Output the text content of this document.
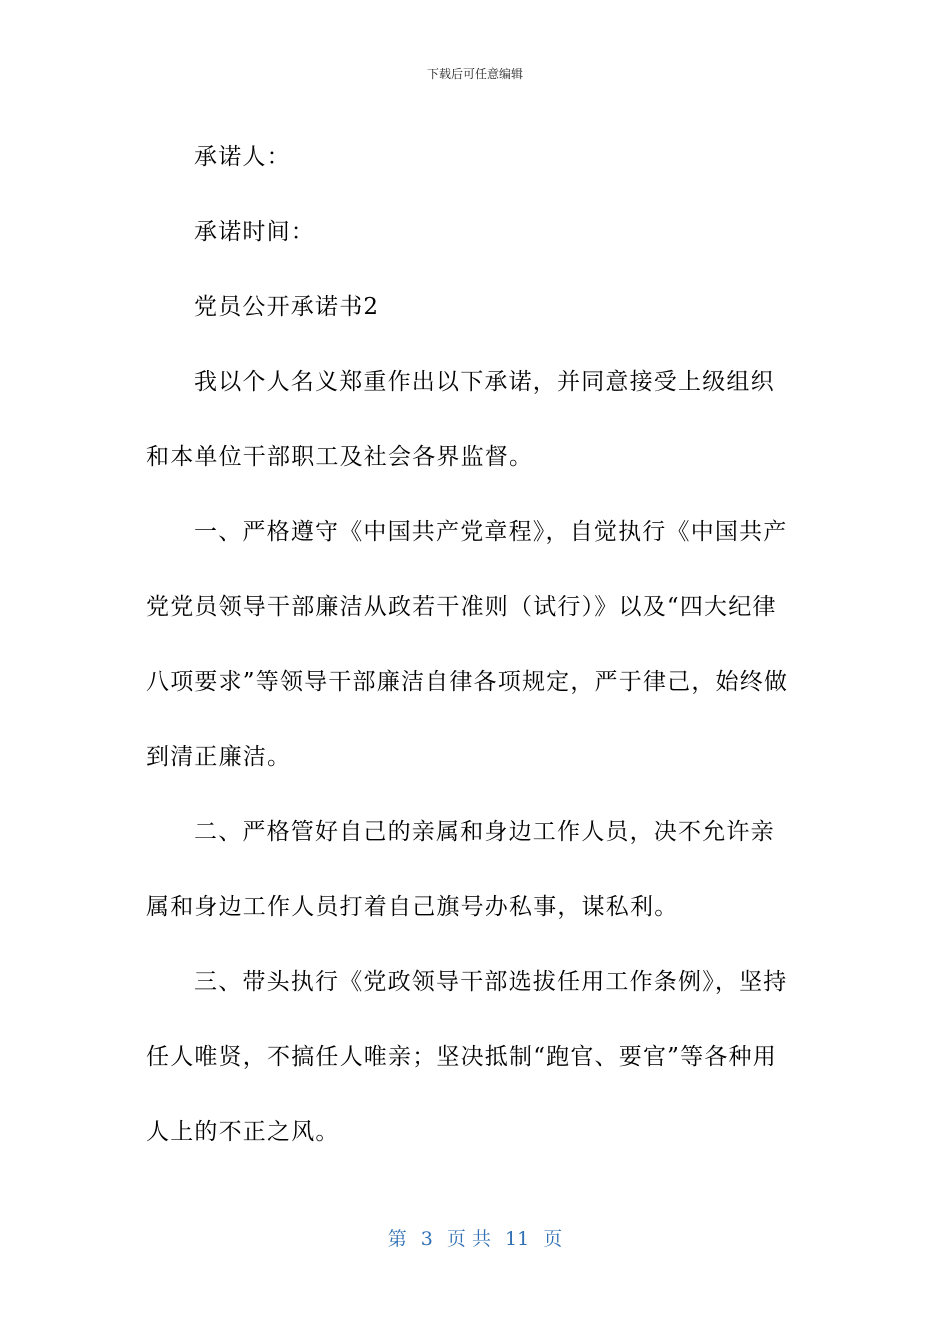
下载后可任意编辑

承诺人：

承诺时间：

党员公开承诺书2

我以个人名义郑重作出以下承诺，并同意接受上级组织和本单位干部职工及社会各界监督。

一、严格遵守《中国共产党章程》，自觉执行《中国共产党党员领导干部廉洁从政若干准则（试行）》以及“四大纪律八项要求”等领导干部廉洁自律各项规定，严于律己，始终做到清正廉洁。

二、严格管好自己的亲属和身边工作人员，决不允许亲属和身边工作人员打着自己旗号办私事，谋私利。

三、带头执行《党政领导干部选拔任用工作条例》，坚持任人唯贤，不搞任人唯亲；坚决抵制“跑官、要官”等各种用人上的不正之风。

第 3 页 共 11 页
